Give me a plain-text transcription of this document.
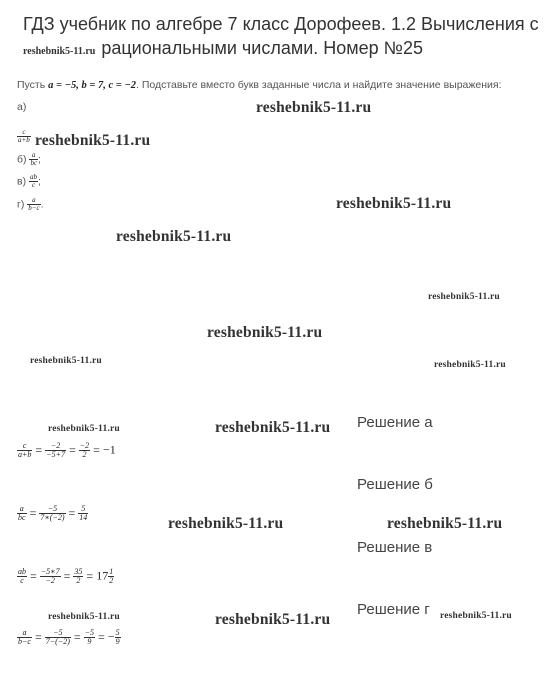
ГДЗ учебник по алгебре 7 класс Дорофеев. 1.2 Вычисления с
reshebnik5-11.ru рациональными числами. Номер №25
Пусть a = −5, b = 7, c = −2. Подставьте вместо букв заданные числа и найдите значение выражения:
а)
$\frac{c}{a+b}$ reshebnik5-11.ru
$б) \frac{a}{bc}$ ;
$в) \frac{ab}{c}$ ;
$г) \frac{a}{b-c}$ .
reshebnik5-11.ru
reshebnik5-11.ru
reshebnik5-11.ru
reshebnik5-11.ru
reshebnik5-11.ru
reshebnik5-11.ru	reshebnik5-11.ru
reshebnik5-11.ru	reshebnik5-11.ru Решение а
$\frac{c}{a+b} = \frac{-2}{-5+7} = \frac{-2}{2} = -1$
Решение б
$\frac{a}{bc} = \frac{-5}{7∗(-2)} = \frac{5}{14}$
reshebnik5-11.ru	reshebnik5-11.ru
Решение в
$\frac{ab}{c} = \frac{-5∗7}{-2} = \frac{35}{2} = 17 \frac{1}{2}$
reshebnik5-11.ru	reshebnik5-11.ru
Решение г reshebnik5-11.ru
$\frac{a}{b-c} = \frac{-5}{7-(-2)} = \frac{-5}{9}$ = − $\frac{5}{9}$
